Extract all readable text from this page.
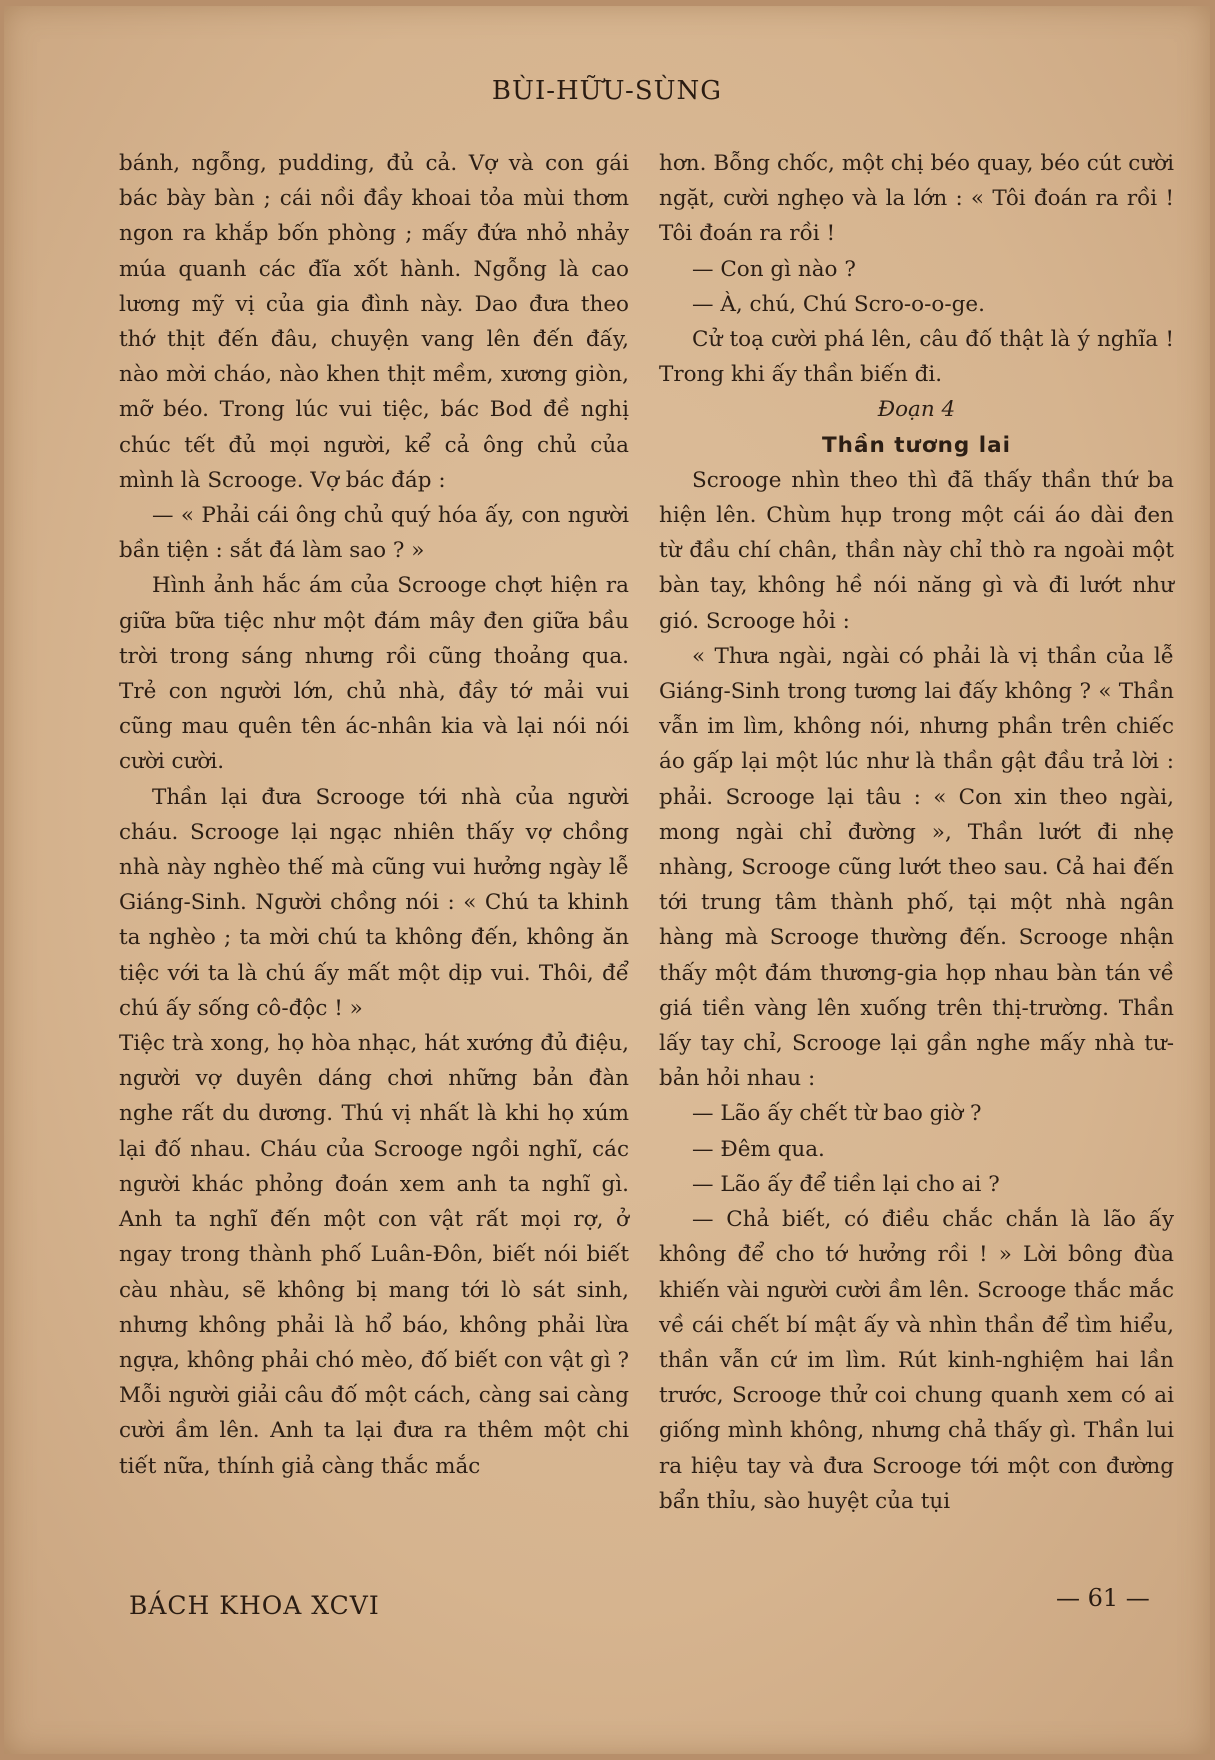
BÙI-HỮU-SÙNG

bánh, ngỗng, pudding, đủ cả. Vợ và con gái bác bày bàn ; cái nồi đầy khoai tỏa mùi thơm ngon ra khắp bốn phòng ; mấy đứa nhỏ nhảy múa quanh các đĩa xốt hành. Ngỗng là cao lương mỹ vị của gia đình này. Dao đưa theo thớ thịt đến đâu, chuyện vang lên đến đấy, nào mời cháo, nào khen thịt mềm, xương giòn, mỡ béo. Trong lúc vui tiệc, bác Bod đề nghị chúc tết đủ mọi người, kể cả ông chủ của mình là Scrooge. Vợ bác đáp :

— « Phải cái ông chủ quý hóa ấy, con người bần tiện : sắt đá làm sao ? »

Hình ảnh hắc ám của Scrooge chợt hiện ra giữa bữa tiệc như một đám mây đen giữa bầu trời trong sáng nhưng rồi cũng thoảng qua. Trẻ con người lớn, chủ nhà, đầy tớ mải vui cũng mau quên tên ác-nhân kia và lại nói nói cười cười.

Thần lại đưa Scrooge tới nhà của người cháu. Scrooge lại ngạc nhiên thấy vợ chồng nhà này nghèo thế mà cũng vui hưởng ngày lễ Giáng-Sinh. Người chồng nói : « Chú ta khinh ta nghèo ; ta mời chú ta không đến, không ăn tiệc với ta là chú ấy mất một dịp vui. Thôi, để chú ấy sống cô-độc ! »

Tiệc trà xong, họ hòa nhạc, hát xướng đủ điệu, người vợ duyên dáng chơi những bản đàn nghe rất du dương. Thú vị nhất là khi họ xúm lại đố nhau. Cháu của Scrooge ngồi nghĩ, các người khác phỏng đoán xem anh ta nghĩ gì. Anh ta nghĩ đến một con vật rất mọi rợ, ở ngay trong thành phố Luân-Đôn, biết nói biết càu nhàu, sẽ không bị mang tới lò sát sinh, nhưng không phải là hổ báo, không phải lừa ngựa, không phải chó mèo, đố biết con vật gì ? Mỗi người giải câu đố một cách, càng sai càng cười ầm lên. Anh ta lại đưa ra thêm một chi tiết nữa, thính giả càng thắc mắc

hơn. Bỗng chốc, một chị béo quay, béo cút cười ngặt, cười nghẹo và la lớn : « Tôi đoán ra rồi ! Tôi đoán ra rồi !

— Con gì nào ?

— À, chú, Chú Scro-o-o-ge.

Cử toạ cười phá lên, câu đố thật là ý nghĩa ! Trong khi ấy thần biến đi.

Đoạn 4

Thần tương lai

Scrooge nhìn theo thì đã thấy thần thứ ba hiện lên. Chùm hụp trong một cái áo dài đen từ đầu chí chân, thần này chỉ thò ra ngoài một bàn tay, không hề nói năng gì và đi lướt như gió. Scrooge hỏi :

« Thưa ngài, ngài có phải là vị thần của lễ Giáng-Sinh trong tương lai đấy không ? « Thần vẫn im lìm, không nói, nhưng phần trên chiếc áo gấp lại một lúc như là thần gật đầu trả lời : phải. Scrooge lại tâu : « Con xin theo ngài, mong ngài chỉ đường », Thần lướt đi nhẹ nhàng, Scrooge cũng lướt theo sau. Cả hai đến tới trung tâm thành phố, tại một nhà ngân hàng mà Scrooge thường đến. Scrooge nhận thấy một đám thương-gia họp nhau bàn tán về giá tiền vàng lên xuống trên thị-trường. Thần lấy tay chỉ, Scrooge lại gần nghe mấy nhà tư-bản hỏi nhau :

— Lão ấy chết từ bao giờ ?

— Đêm qua.

— Lão ấy để tiền lại cho ai ?

— Chả biết, có điều chắc chắn là lão ấy không để cho tớ hưởng rồi ! » Lời bông đùa khiến vài người cười ầm lên. Scrooge thắc mắc về cái chết bí mật ấy và nhìn thần để tìm hiểu, thần vẫn cứ im lìm. Rút kinh-nghiệm hai lần trước, Scrooge thử coi chung quanh xem có ai giống mình không, nhưng chả thấy gì. Thần lui ra hiệu tay và đưa Scrooge tới một con đường bẩn thỉu, sào huyệt của tụi

BÁCH KHOA XCVI	— 61 —
